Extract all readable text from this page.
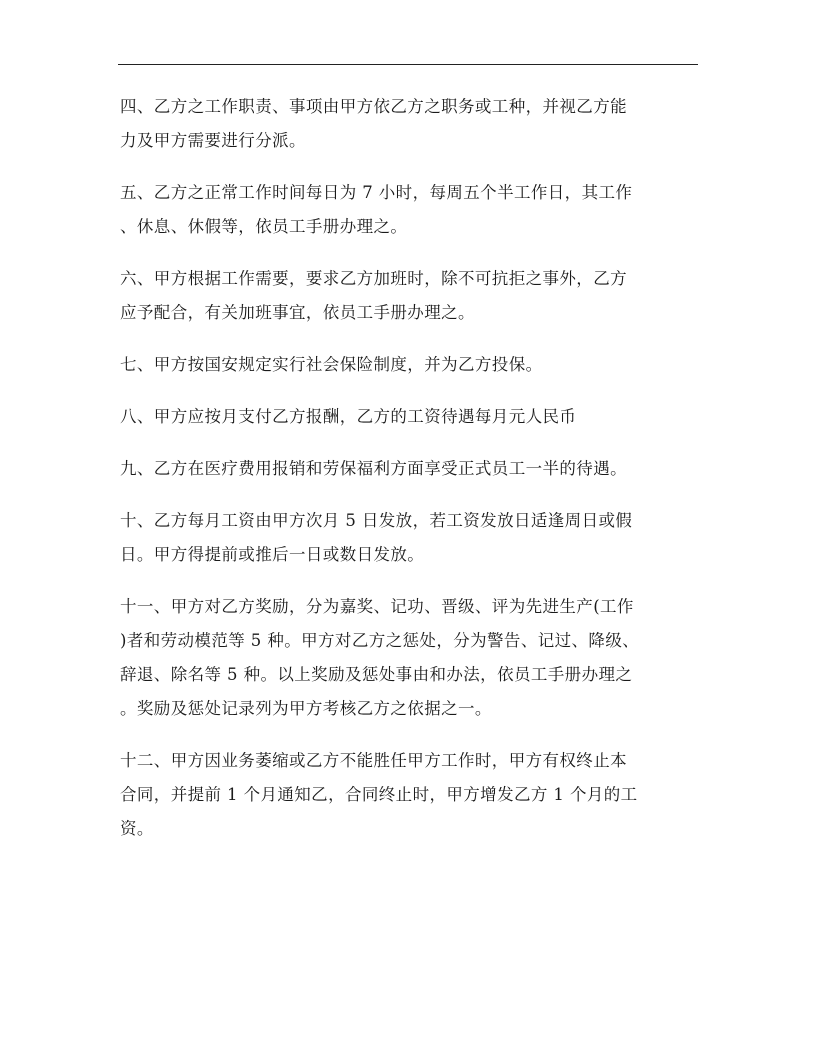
四、乙方之工作职责、事项由甲方依乙方之职务或工种，并视乙方能
力及甲方需要进行分派。

五、乙方之正常工作时间每日为 7 小时，每周五个半工作日，其工作
、休息、休假等，依员工手册办理之。

六、甲方根据工作需要，要求乙方加班时，除不可抗拒之事外，乙方
应予配合，有关加班事宜，依员工手册办理之。

七、甲方按国安规定实行社会保险制度，并为乙方投保。

八、甲方应按月支付乙方报酬，乙方的工资待遇每月元人民币

九、乙方在医疗费用报销和劳保福利方面享受正式员工一半的待遇。

十、乙方每月工资由甲方次月 5 日发放，若工资发放日适逢周日或假
日。甲方得提前或推后一日或数日发放。

十一、甲方对乙方奖励，分为嘉奖、记功、晋级、评为先进生产(工作
)者和劳动模范等 5 种。甲方对乙方之惩处，分为警告、记过、降级、
辞退、除名等 5 种。以上奖励及惩处事由和办法，依员工手册办理之
。奖励及惩处记录列为甲方考核乙方之依据之一。

十二、甲方因业务萎缩或乙方不能胜任甲方工作时，甲方有权终止本
合同，并提前 1 个月通知乙，合同终止时，甲方增发乙方 1 个月的工
资。
